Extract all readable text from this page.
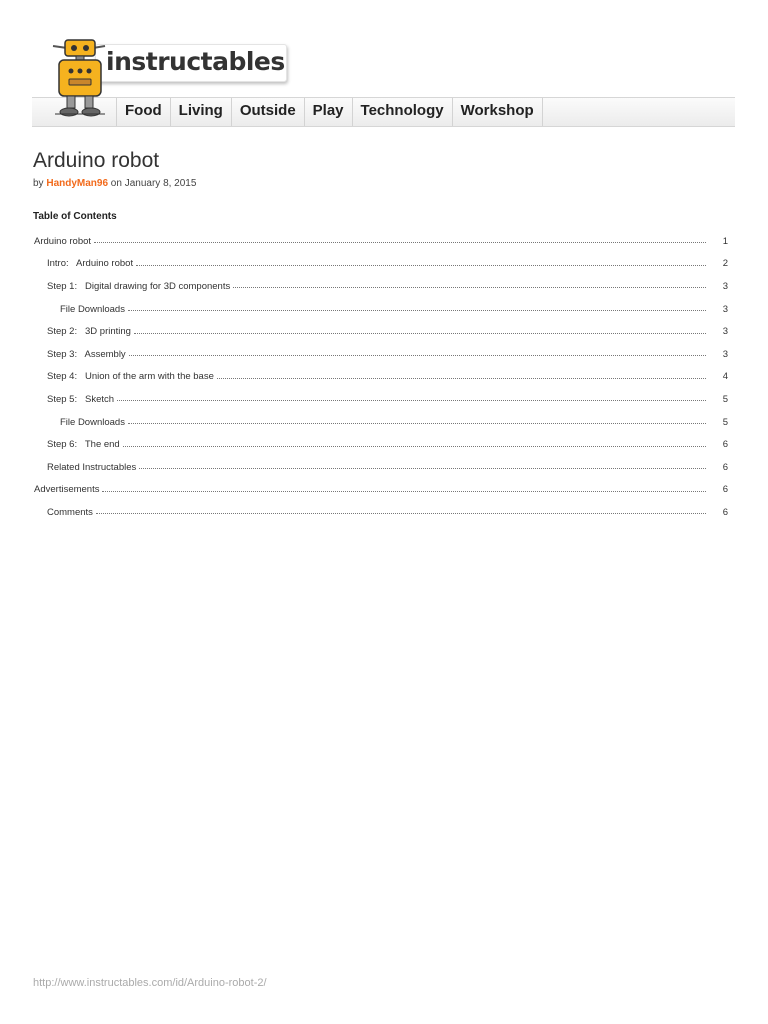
Food	Living	Outside	Play	Technology	Workshop
instructables
Arduino robot
by HandyMan96 on January 8, 2015
Table of Contents
Arduino robot	1
Intro:   Arduino robot	2
Step 1:   Digital drawing for 3D components	3
File Downloads	3
Step 2:   3D printing	3
Step 3:   Assembly	3
Step 4:   Union of the arm with the base	4
Step 5:   Sketch	5
File Downloads	5
Step 6:   The end	6
Related Instructables	6
Advertisements	6
Comments	6
http://www.instructables.com/id/Arduino-robot-2/
